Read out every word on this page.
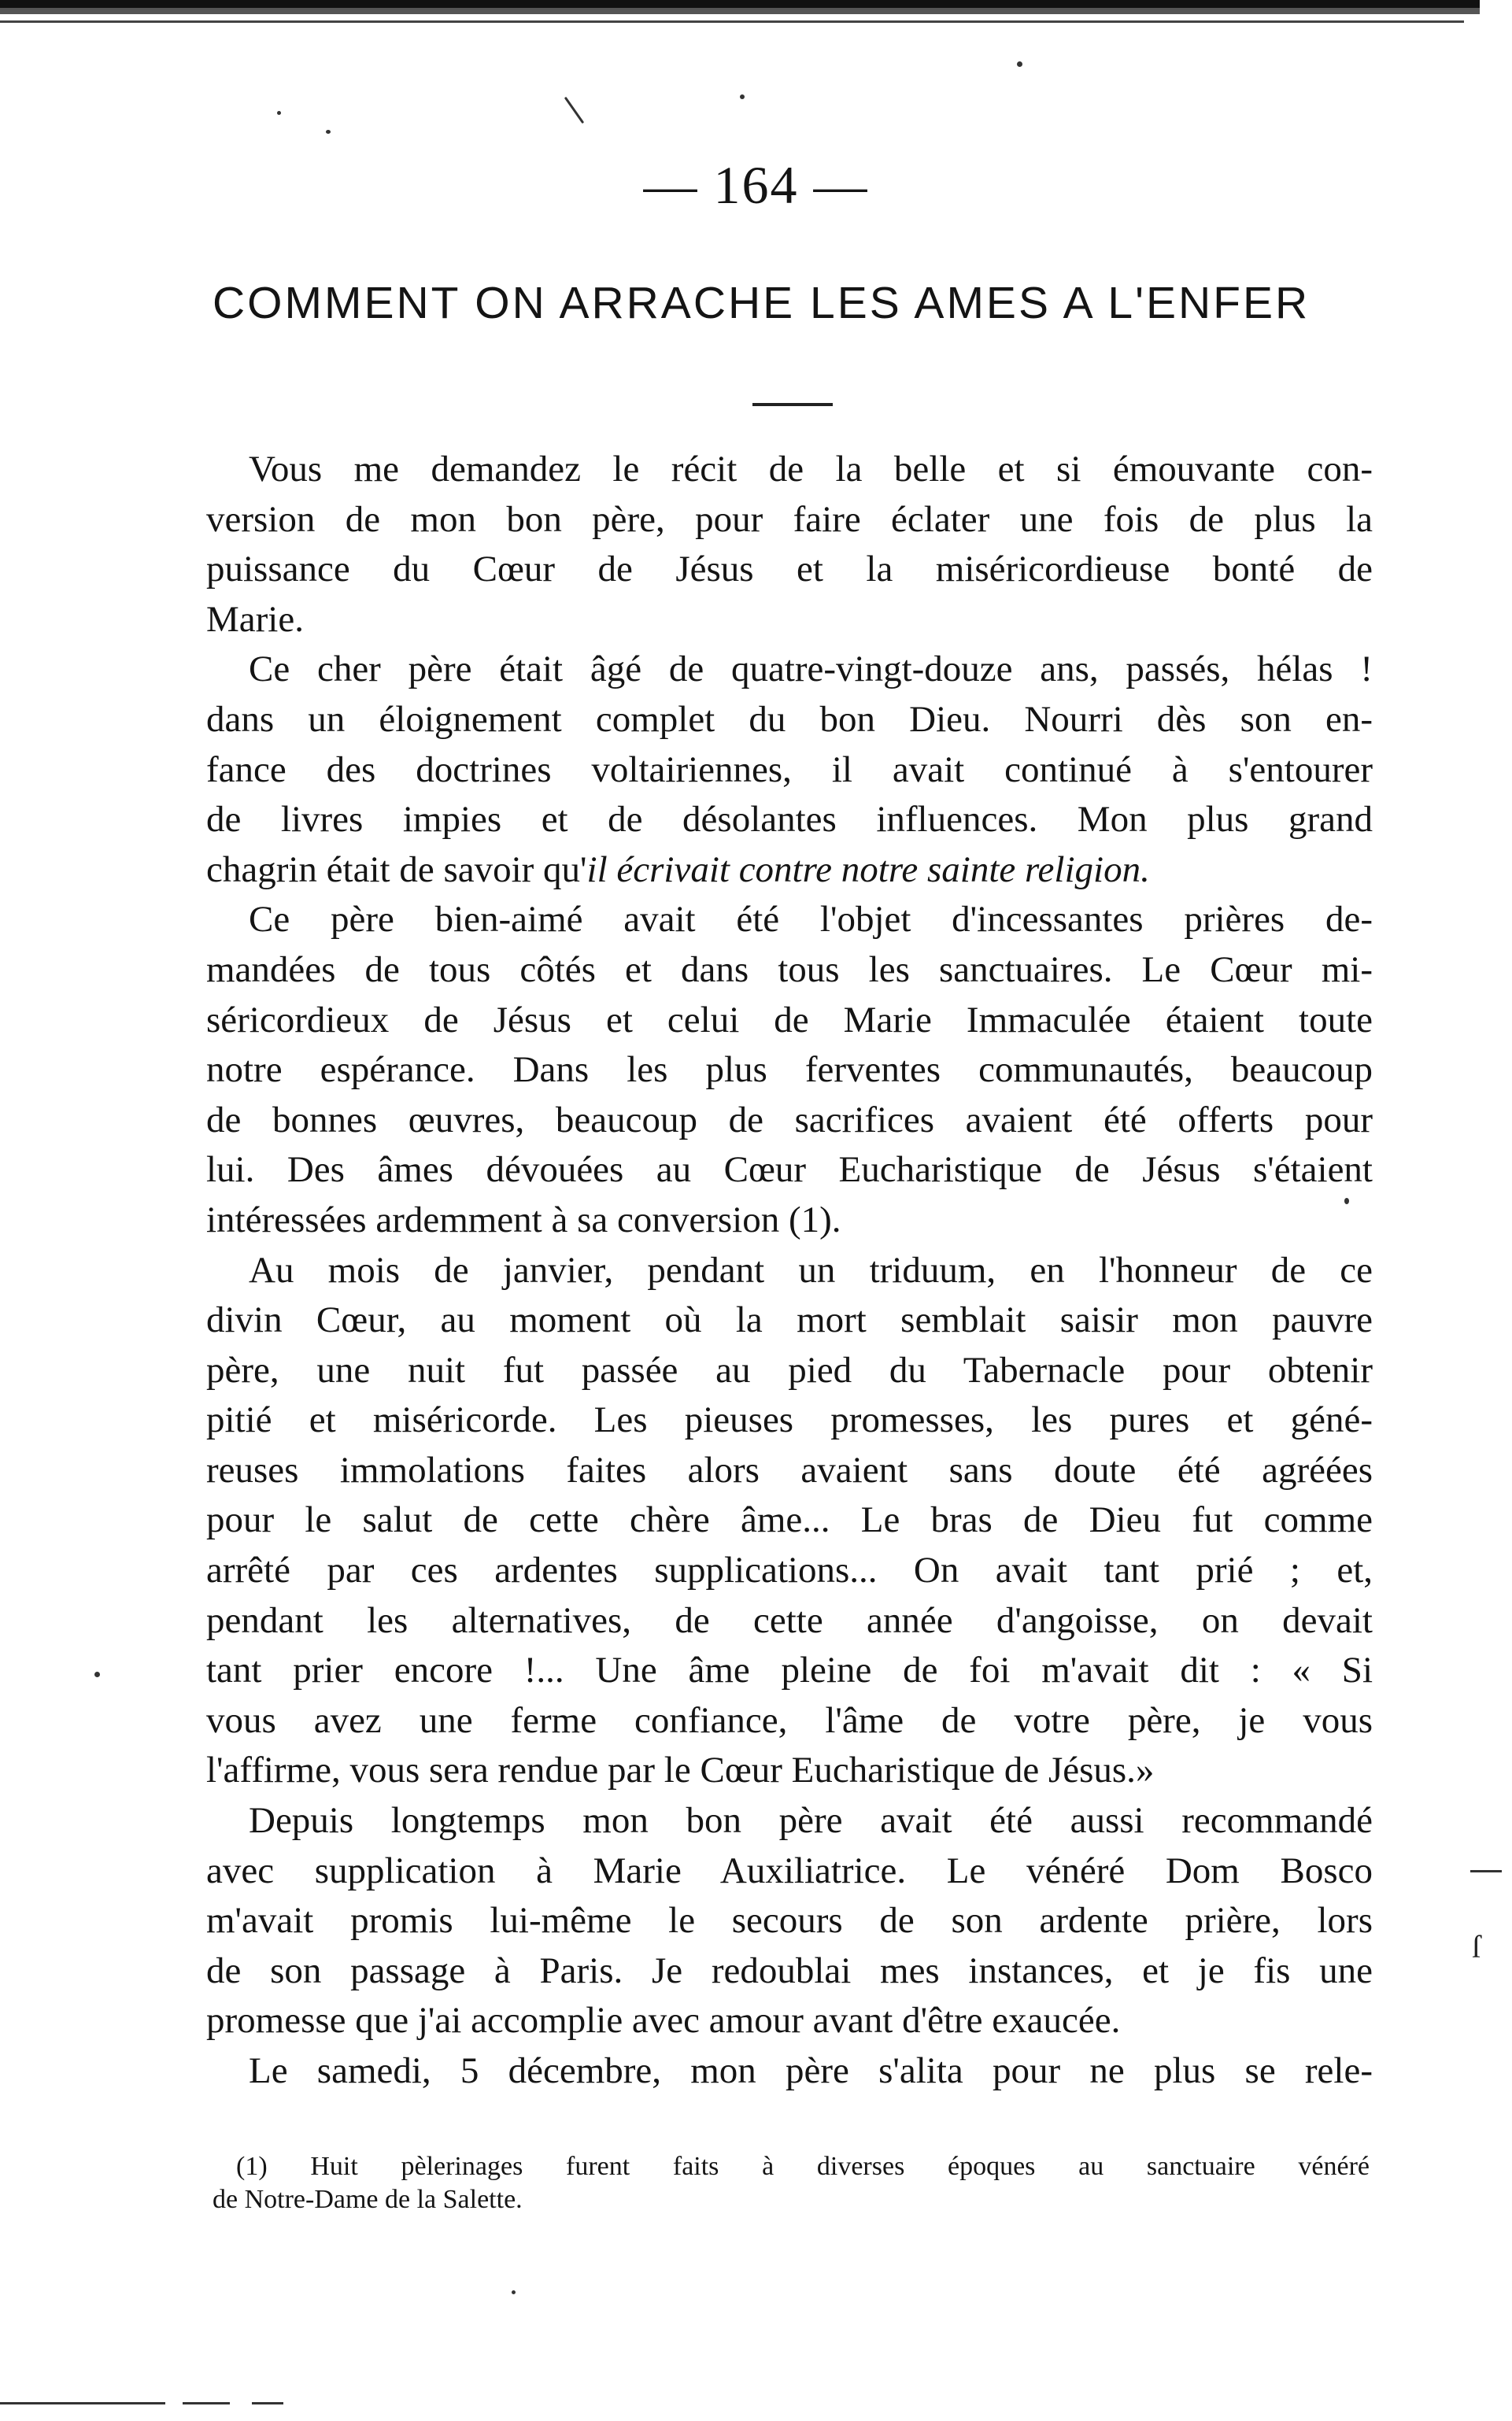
— 164 —
COMMENT ON ARRACHE LES AMES A L'ENFER
Vous me demandez le récit de la belle et si émouvante con-
version de mon bon père, pour faire éclater une fois de plus la
puissance du Cœur de Jésus et la miséricordieuse bonté de
Marie.
Ce cher père était âgé de quatre-vingt-douze ans, passés, hélas !
dans un éloignement complet du bon Dieu. Nourri dès son en-
fance des doctrines voltairiennes, il avait continué à s'entourer
de livres impies et de désolantes influences. Mon plus grand
chagrin était de savoir qu'il écrivait contre notre sainte religion.
Ce père bien-aimé avait été l'objet d'incessantes prières de-
mandées de tous côtés et dans tous les sanctuaires. Le Cœur mi-
séricordieux de Jésus et celui de Marie Immaculée étaient toute
notre espérance. Dans les plus ferventes communautés, beaucoup
de bonnes œuvres, beaucoup de sacrifices avaient été offerts pour
lui. Des âmes dévouées au Cœur Eucharistique de Jésus s'étaient
intéressées ardemment à sa conversion (1).
Au mois de janvier, pendant un triduum, en l'honneur de ce
divin Cœur, au moment où la mort semblait saisir mon pauvre
père, une nuit fut passée au pied du Tabernacle pour obtenir
pitié et miséricorde. Les pieuses promesses, les pures et géné-
reuses immolations faites alors avaient sans doute été agréées
pour le salut de cette chère âme... Le bras de Dieu fut comme
arrêté par ces ardentes supplications... On avait tant prié ; et,
pendant les alternatives, de cette année d'angoisse, on devait
tant prier encore !... Une âme pleine de foi m'avait dit : « Si
vous avez une ferme confiance, l'âme de votre père, je vous
l'affirme, vous sera rendue par le Cœur Eucharistique de Jésus.»
Depuis longtemps mon bon père avait été aussi recommandé
avec supplication à Marie Auxiliatrice. Le vénéré Dom Bosco
m'avait promis lui-même le secours de son ardente prière, lors
de son passage à Paris. Je redoublai mes instances, et je fis une
promesse que j'ai accomplie avec amour avant d'être exaucée.
Le samedi, 5 décembre, mon père s'alita pour ne plus se rele-
(1) Huit pèlerinages furent faits à diverses époques au sanctuaire vénéré
de Notre-Dame de la Salette.
ſ
